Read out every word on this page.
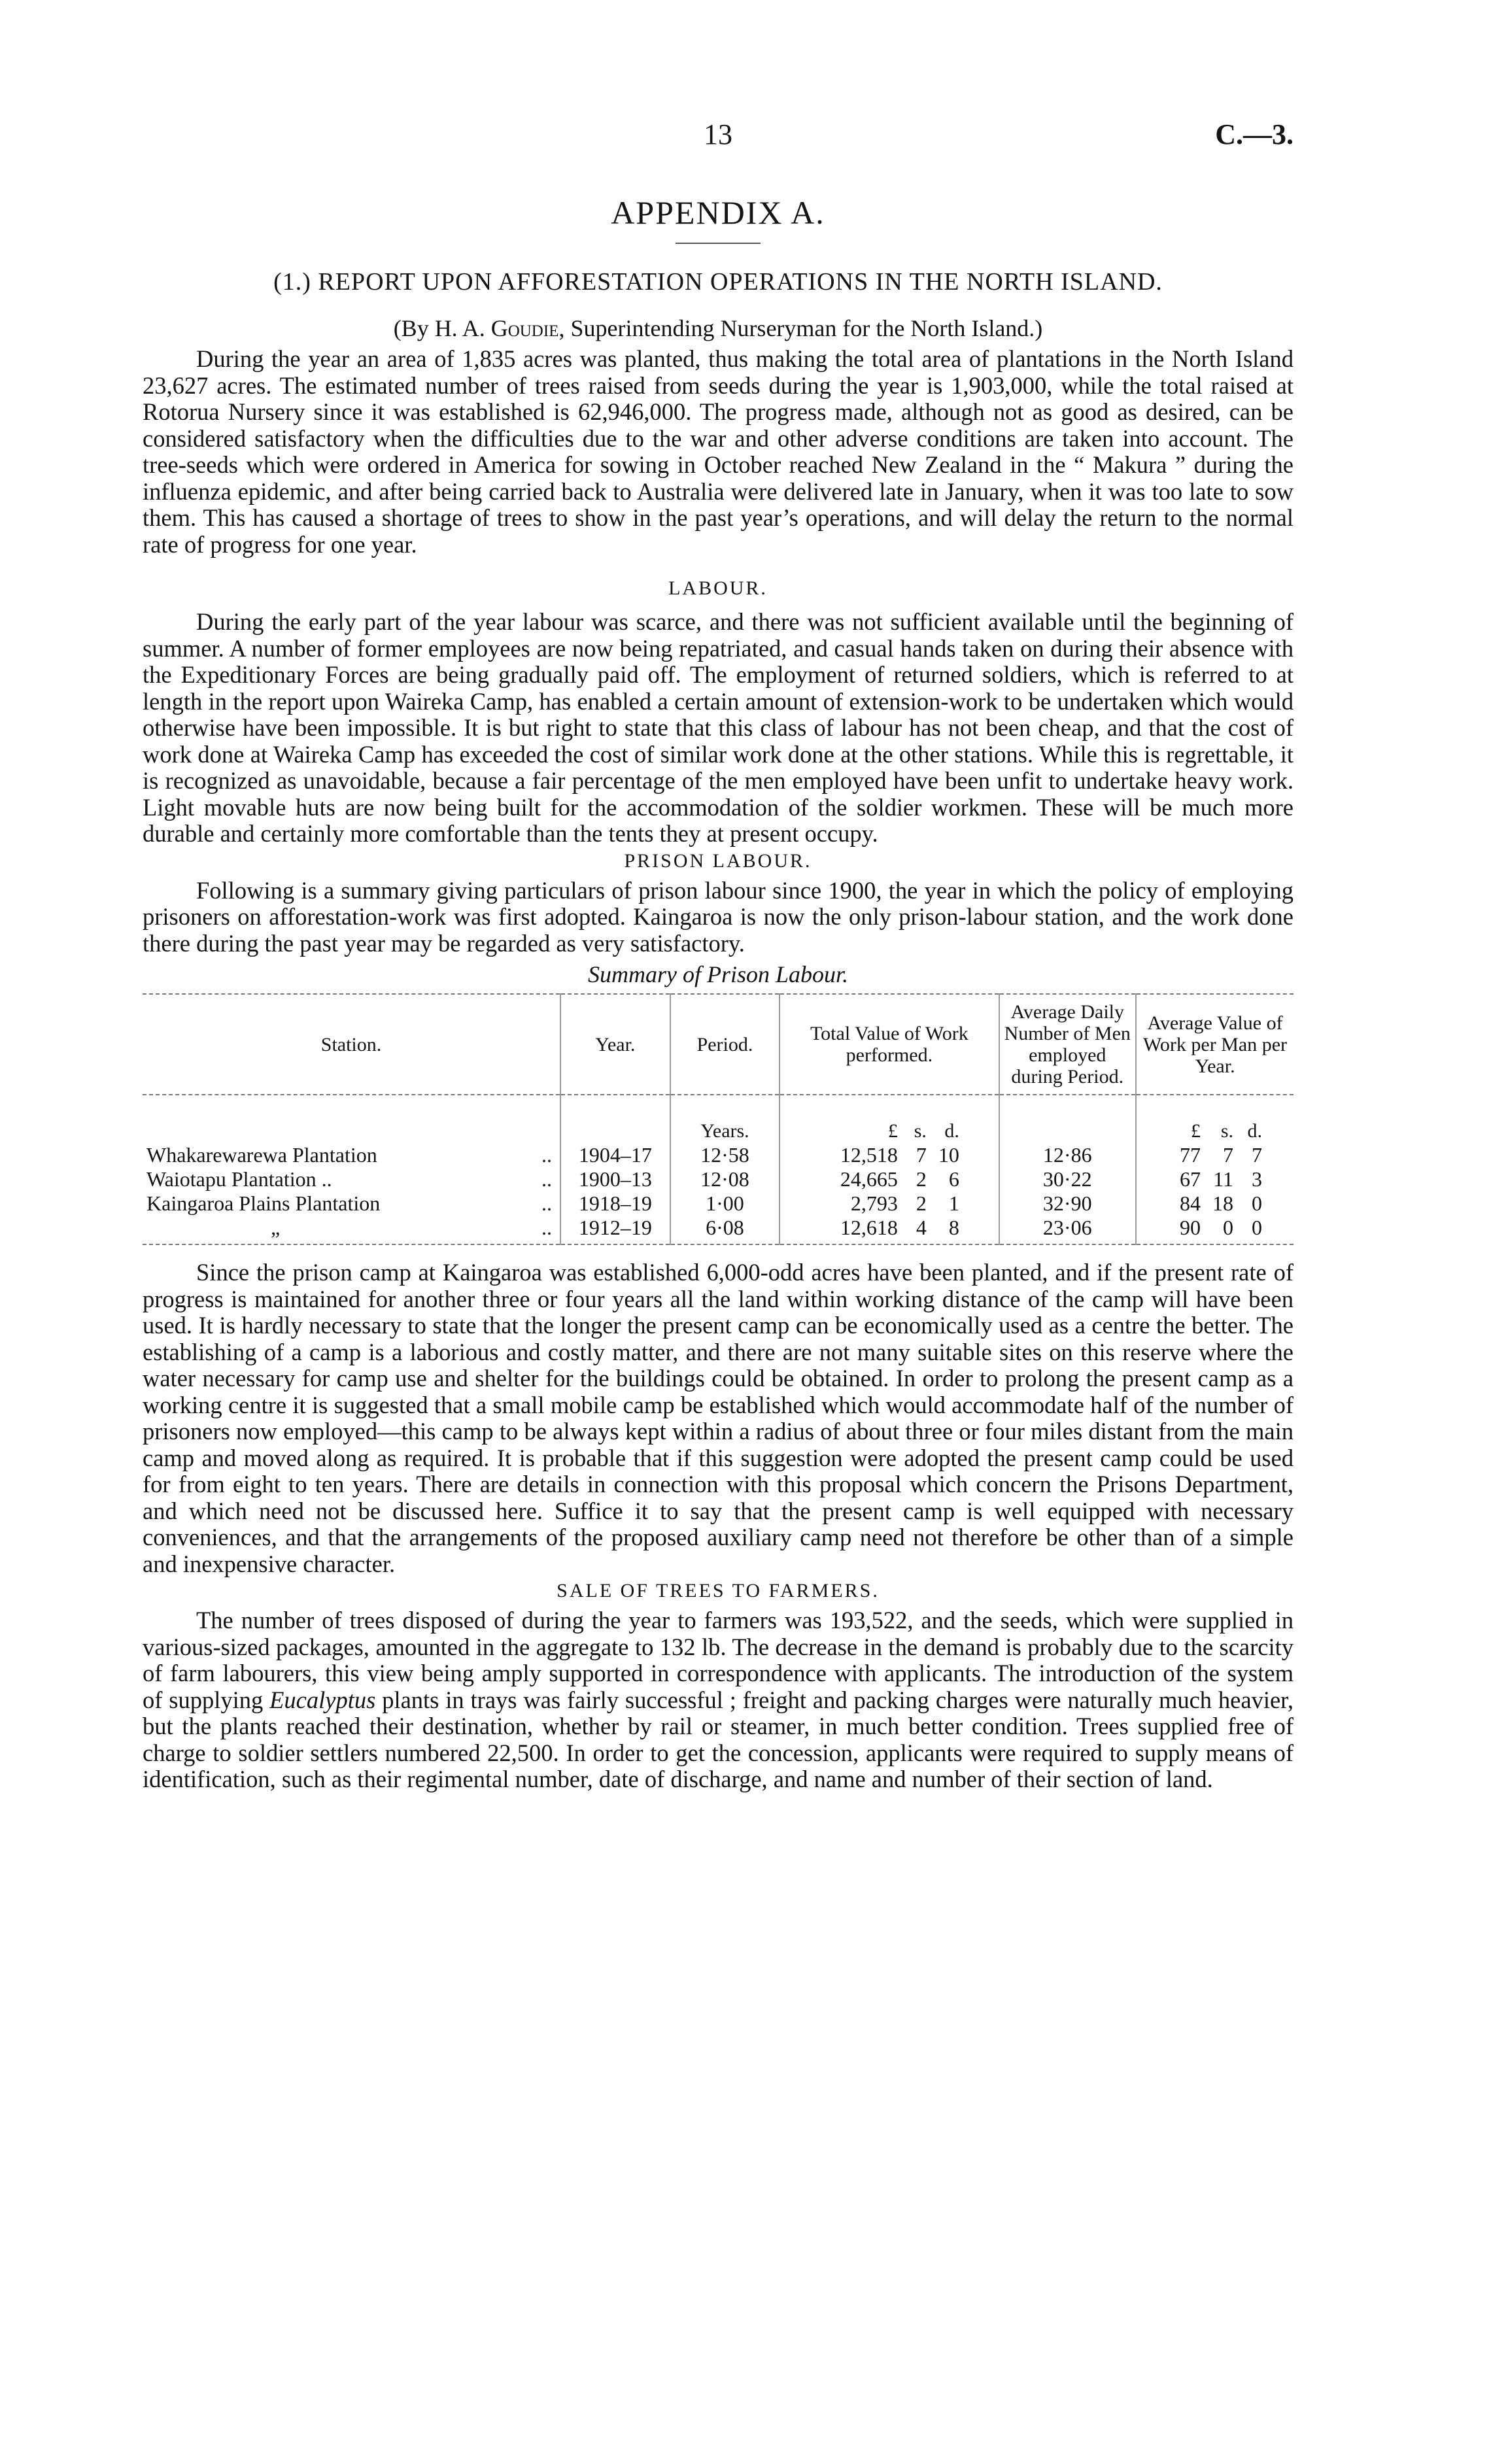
13	C.—3.
APPENDIX A.
(1.) REPORT UPON AFFORESTATION OPERATIONS IN THE NORTH ISLAND.
(By H. A. Goudie, Superintending Nurseryman for the North Island.)

During the year an area of 1,835 acres was planted, thus making the total area of plantations in the North Island 23,627 acres. The estimated number of trees raised from seeds during the year is 1,903,000, while the total raised at Rotorua Nursery since it was established is 62,946,000. The progress made, although not as good as desired, can be considered satisfactory when the difficulties due to the war and other adverse conditions are taken into account. The tree-seeds which were ordered in America for sowing in October reached New Zealand in the “ Makura ” during the influenza epidemic, and after being carried back to Australia were delivered late in January, when it was too late to sow them. This has caused a shortage of trees to show in the past year’s operations, and will delay the return to the normal rate of progress for one year.

LABOUR.

During the early part of the year labour was scarce, and there was not sufficient available until the beginning of summer. A number of former employees are now being repatriated, and casual hands taken on during their absence with the Expeditionary Forces are being gradually paid off. The employment of returned soldiers, which is referred to at length in the report upon Waireka Camp, has enabled a certain amount of extension-work to be undertaken which would otherwise have been impossible. It is but right to state that this class of labour has not been cheap, and that the cost of work done at Waireka Camp has exceeded the cost of similar work done at the other stations. While this is regrettable, it is recognized as unavoidable, because a fair percentage of the men employed have been unfit to undertake heavy work. Light movable huts are now being built for the accommodation of the soldier workmen. These will be much more durable and certainly more comfortable than the tents they at present occupy.

PRISON LABOUR.

Following is a summary giving particulars of prison labour since 1900, the year in which the policy of employing prisoners on afforestation-work was first adopted. Kaingaroa is now the only prison-labour station, and the work done there during the past year may be regarded as very satisfactory.

Summary of Prison Labour.
Station.	Year.	Period.	Total Value of Work performed.	Average Daily Number of Men employed during Period.	Average Value of Work per Man per Year.
		Years.	£ s. d.		£ s. d.
Whakarewarewa Plantation ..	1904–17	12·58	12,518 7 10	12·86	77 7 7
Waiotapu Plantation .. ..	1900–13	12·08	24,665 2 6	30·22	67 11 3
Kaingaroa Plains Plantation ..	1918–19	1·00	2,793 2 1	32·90	84 18 0
„ ..	1912–19	6·08	12,618 4 8	23·06	90 0 0

Since the prison camp at Kaingaroa was established 6,000-odd acres have been planted, and if the present rate of progress is maintained for another three or four years all the land within working distance of the camp will have been used. It is hardly necessary to state that the longer the present camp can be economically used as a centre the better. The establishing of a camp is a laborious and costly matter, and there are not many suitable sites on this reserve where the water necessary for camp use and shelter for the buildings could be obtained. In order to prolong the present camp as a working centre it is suggested that a small mobile camp be established which would accommodate half of the number of prisoners now employed—this camp to be always kept within a radius of about three or four miles distant from the main camp and moved along as required. It is probable that if this suggestion were adopted the present camp could be used for from eight to ten years. There are details in connection with this proposal which concern the Prisons Department, and which need not be discussed here. Suffice it to say that the present camp is well equipped with necessary conveniences, and that the arrangements of the proposed auxiliary camp need not therefore be other than of a simple and inexpensive character.

SALE OF TREES TO FARMERS.

The number of trees disposed of during the year to farmers was 193,522, and the seeds, which were supplied in various-sized packages, amounted in the aggregate to 132 lb. The decrease in the demand is probably due to the scarcity of farm labourers, this view being amply supported in correspondence with applicants. The introduction of the system of supplying Eucalyptus plants in trays was fairly successful ; freight and packing charges were naturally much heavier, but the plants reached their destination, whether by rail or steamer, in much better condition. Trees supplied free of charge to soldier settlers numbered 22,500. In order to get the concession, applicants were required to supply means of identification, such as their regimental number, date of discharge, and name and number of their section of land.
